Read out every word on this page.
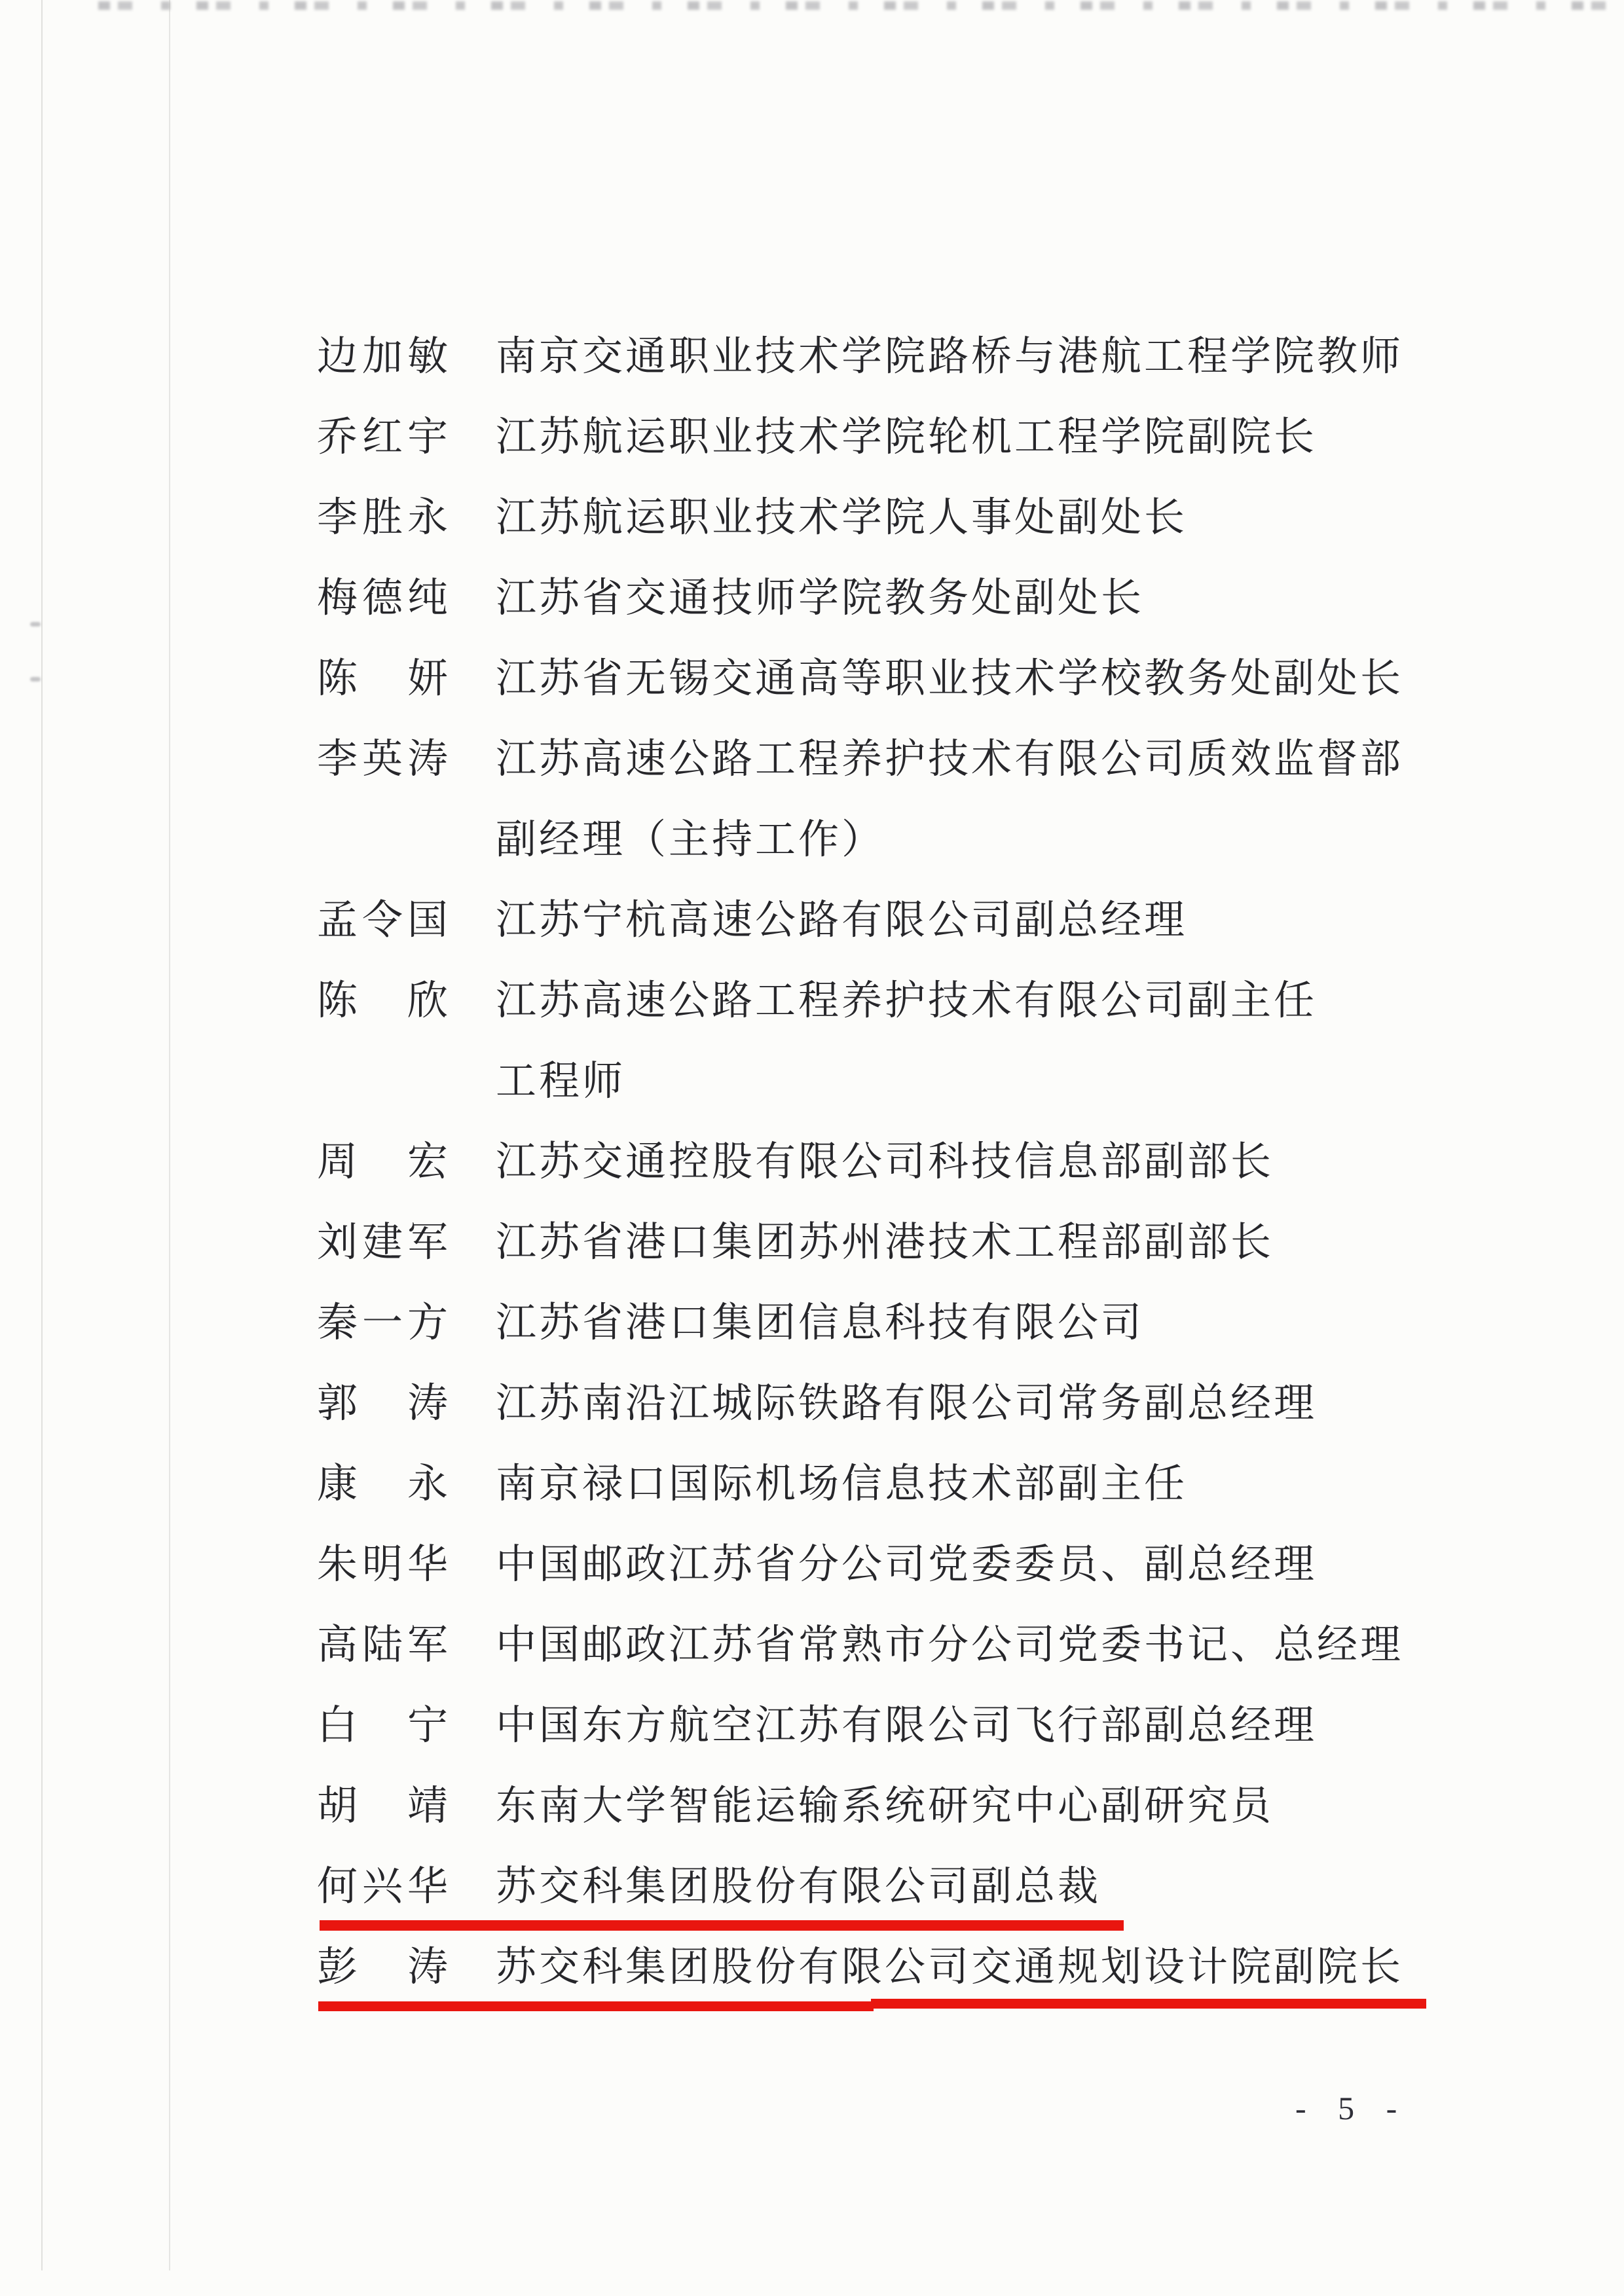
边 加 敏 南京交通职业技术学院路桥与港航工程学院教师
乔 红 宇 江苏航运职业技术学院轮机工程学院副院长
李 胜 永 江苏航运职业技术学院人事处副处长
梅 德 纯 江苏省交通技师学院教务处副处长
陈 妍 江苏省无锡交通高等职业技术学校教务处副处长
李 英 涛 江苏高速公路工程养护技术有限公司质效监督部
副经理（主持工作）
孟 令 国 江苏宁杭高速公路有限公司副总经理
陈 欣 江苏高速公路工程养护技术有限公司副主任
工程师
周 宏 江苏交通控股有限公司科技信息部副部长
刘 建 军 江苏省港口集团苏州港技术工程部副部长
秦 一 方 江苏省港口集团信息科技有限公司
郭 涛 江苏南沿江城际铁路有限公司常务副总经理
康 永 南京禄口国际机场信息技术部副主任
朱 明 华 中国邮政江苏省分公司党委委员、副总经理
高 陆 军 中国邮政江苏省常熟市分公司党委书记、总经理
白 宁 中国东方航空江苏有限公司飞行部副总经理
胡 靖 东南大学智能运输系统研究中心副研究员
何 兴 华 苏交科集团股份有限公司副总裁
彭 涛 苏交科集团股份有限公司交通规划设计院副院长
- 5 -
